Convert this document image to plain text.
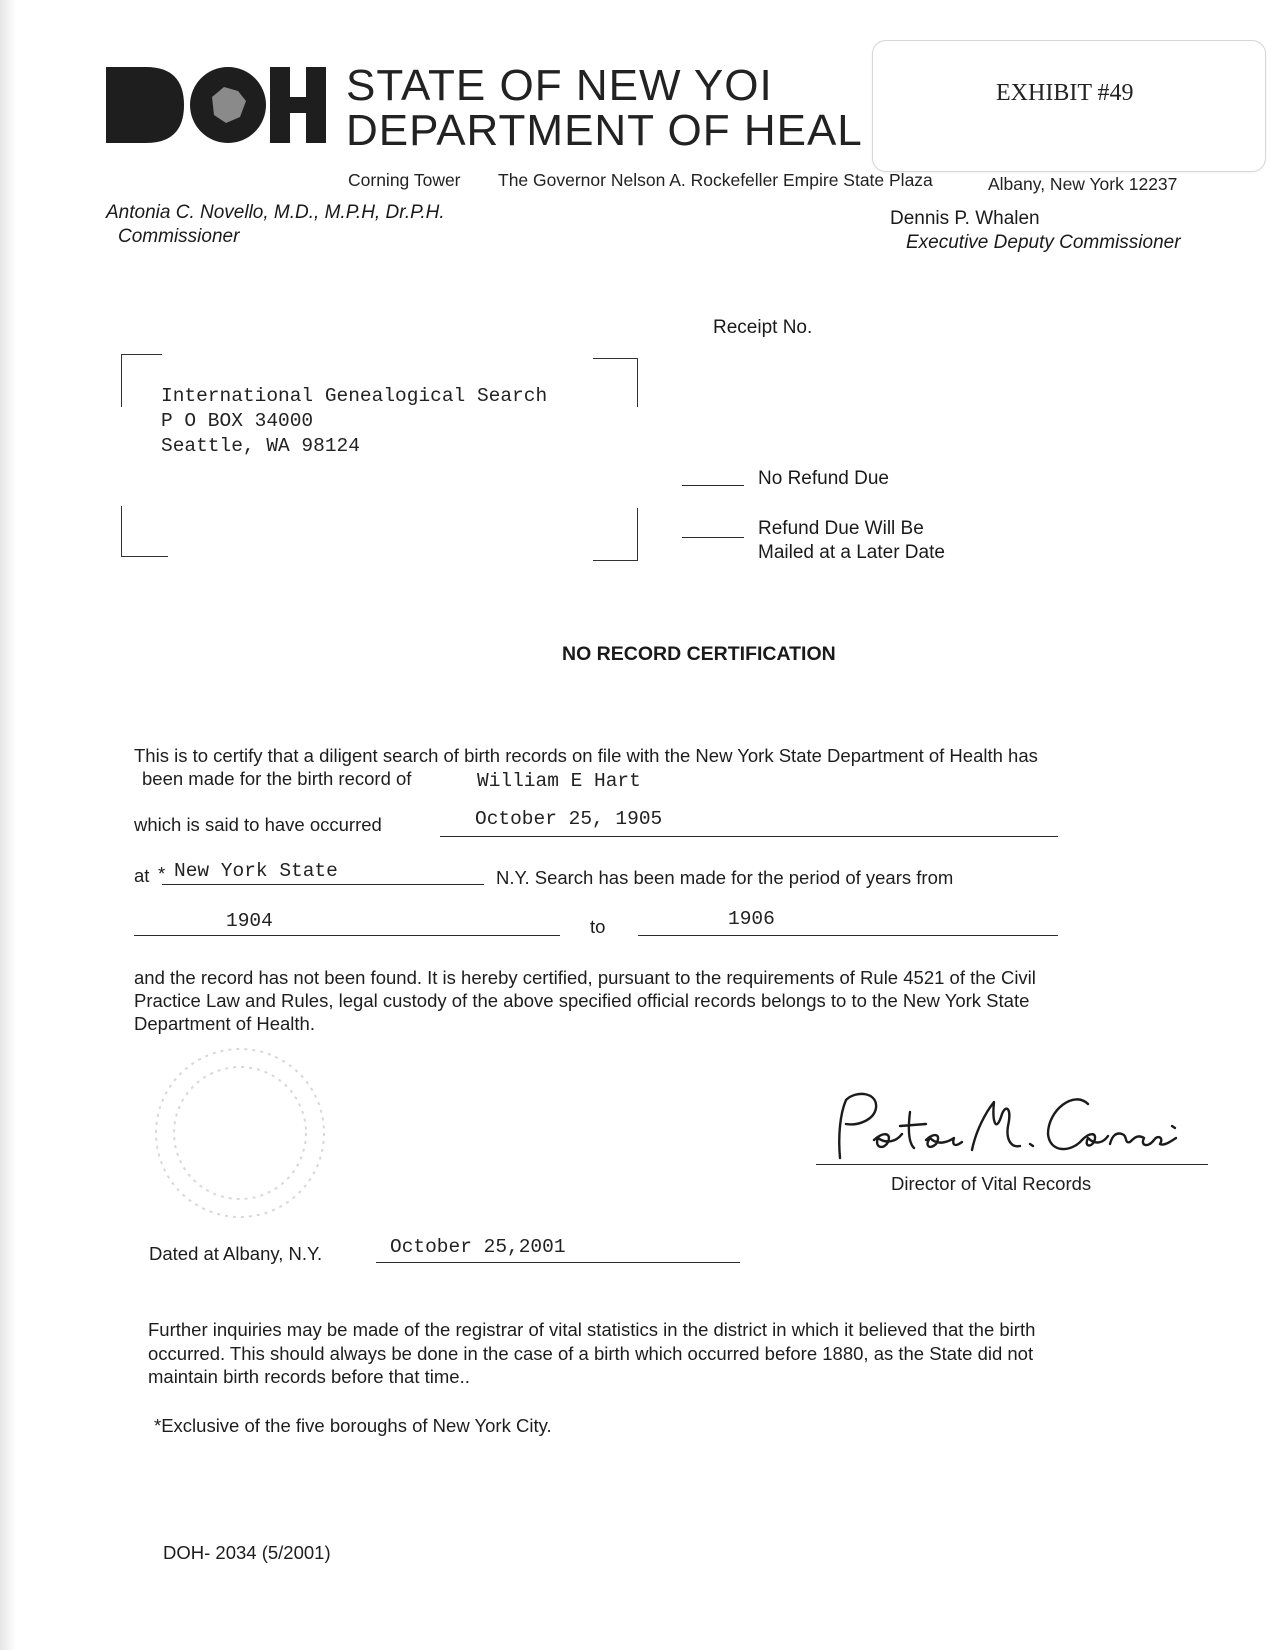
STATE OF NEW YOI
DEPARTMENT OF HEAL
EXHIBIT #49
Corning Tower The Governor Nelson A. Rockefeller Empire State Plaza	Albany, New York 12237
Antonia C. Novello, M.D., M.P.H, Dr.P.H.
Commissioner
Dennis P. Whalen
Executive Deputy Commissioner
Receipt No.
International Genealogical Search
P O BOX 34000
Seattle, WA 98124
No Refund Due
Refund Due Will Be
Mailed at a Later Date
NO RECORD CERTIFICATION
This is to certify that a diligent search of birth records on file with the New York State Department of Health has
been made for the birth record of	William E Hart
which is said to have occurred	October 25, 1905
at * New York State	N.Y. Search has been made for the period of years from
1904	to	1906
and the record has not been found. It is hereby certified, pursuant to the requirements of Rule 4521 of the Civil
Practice Law and Rules, legal custody of the above specified official records belongs to to the New York State
Department of Health.
Director of Vital Records
Dated at Albany, N.Y.	October 25,2001
Further inquiries may be made of the registrar of vital statistics in the district in which it believed that the birth
occurred. This should always be done in the case of a birth which occurred before 1880, as the State did not
maintain birth records before that time..
*Exclusive of the five boroughs of New York City.
DOH- 2034 (5/2001)
